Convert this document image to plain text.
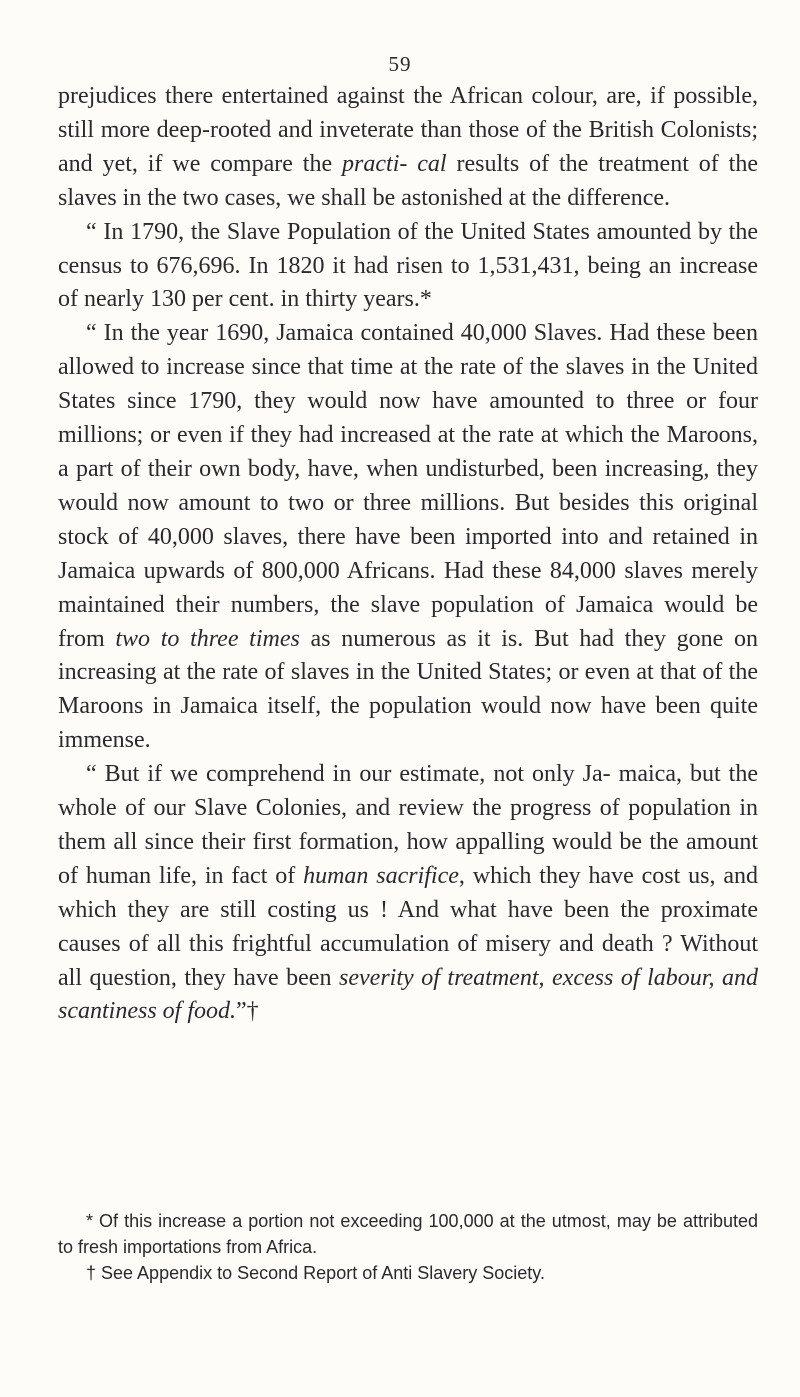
59

prejudices there entertained against the African colour, are, if possible, still more deep-rooted and inveterate than those of the British Colonists; and yet, if we compare the practi- cal results of the treatment of the slaves in the two cases, we shall be astonished at the difference.

“ In 1790, the Slave Population of the United States amounted by the census to 676,696. In 1820 it had risen to 1,531,431, being an increase of nearly 130 per cent. in thirty years.*

“ In the year 1690, Jamaica contained 40,000 Slaves. Had these been allowed to increase since that time at the rate of the slaves in the United States since 1790, they would now have amounted to three or four millions; or even if they had increased at the rate at which the Maroons, a part of their own body, have, when undisturbed, been increasing, they would now amount to two or three millions. But besides this original stock of 40,000 slaves, there have been imported into and retained in Jamaica upwards of 800,000 Africans. Had these 84,000 slaves merely maintained their numbers, the slave population of Jamaica would be from two to three times as numerous as it is. But had they gone on increasing at the rate of slaves in the United States; or even at that of the Maroons in Jamaica itself, the population would now have been quite immense.

“ But if we comprehend in our estimate, not only Ja- maica, but the whole of our Slave Colonies, and review the progress of population in them all since their first formation, how appalling would be the amount of human life, in fact of human sacrifice, which they have cost us, and which they are still costing us ! And what have been the proximate causes of all this frightful accumulation of misery and death ? Without all question, they have been severity of treatment, excess of labour, and scantiness of food.”†

* Of this increase a portion not exceeding 100,000 at the utmost, may be attributed to fresh importations from Africa.

† See Appendix to Second Report of Anti Slavery Society.
